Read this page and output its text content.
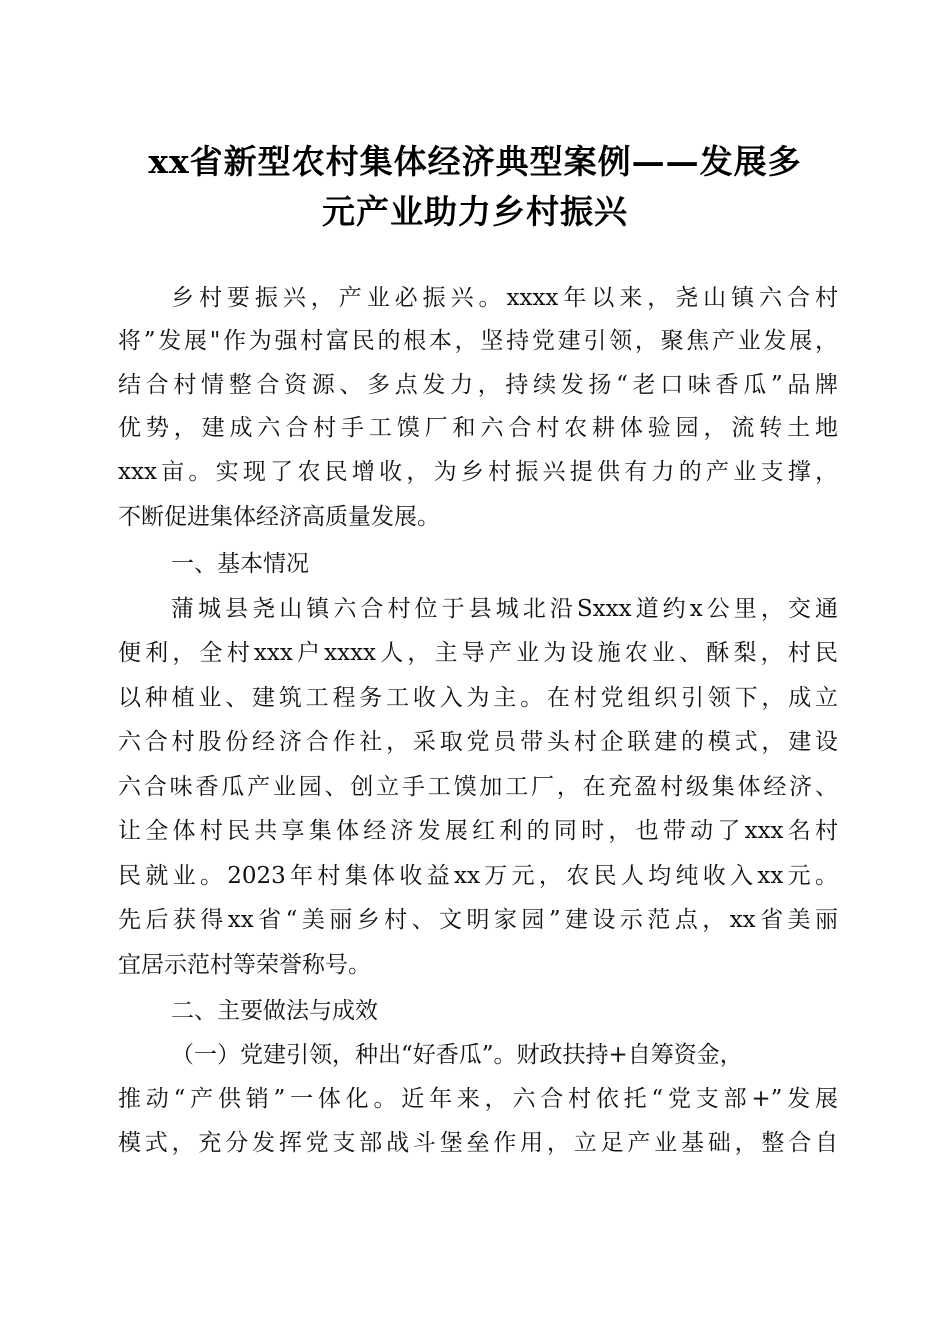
xx省新型农村集体经济典型案例——发展多
元产业助力乡村振兴
乡村要振兴，产业必振兴。xxxx年以来，尧山镇六合村
将”发展"作为强村富民的根本，坚持党建引领，聚焦产业发展，
结合村情整合资源、多点发力，持续发扬“老口味香瓜”品牌
优势，建成六合村手工馍厂和六合村农耕体验园，流转土地
xxx亩。实现了农民增收，为乡村振兴提供有力的产业支撑，
不断促进集体经济高质量发展。
一、基本情况
蒲城县尧山镇六合村位于县城北沿Sxxx道约x公里，交通
便利，全村xxx户xxxx人，主导产业为设施农业、酥梨，村民
以种植业、建筑工程务工收入为主。在村党组织引领下，成立
六合村股份经济合作社，采取党员带头村企联建的模式，建设
六合味香瓜产业园、创立手工馍加工厂，在充盈村级集体经济、
让全体村民共享集体经济发展红利的同时，也带动了xxx名村
民就业。2023年村集体收益xx万元，农民人均纯收入xx元。
先后获得xx省“美丽乡村、文明家园”建设示范点，xx省美丽
宜居示范村等荣誉称号。
二、主要做法与成效
（一）党建引领，种出“好香瓜”。财政扶持+自筹资金，
推动“产供销”一体化。近年来，六合村依托“党支部+”发展
模式，充分发挥党支部战斗堡垒作用，立足产业基础，整合自
